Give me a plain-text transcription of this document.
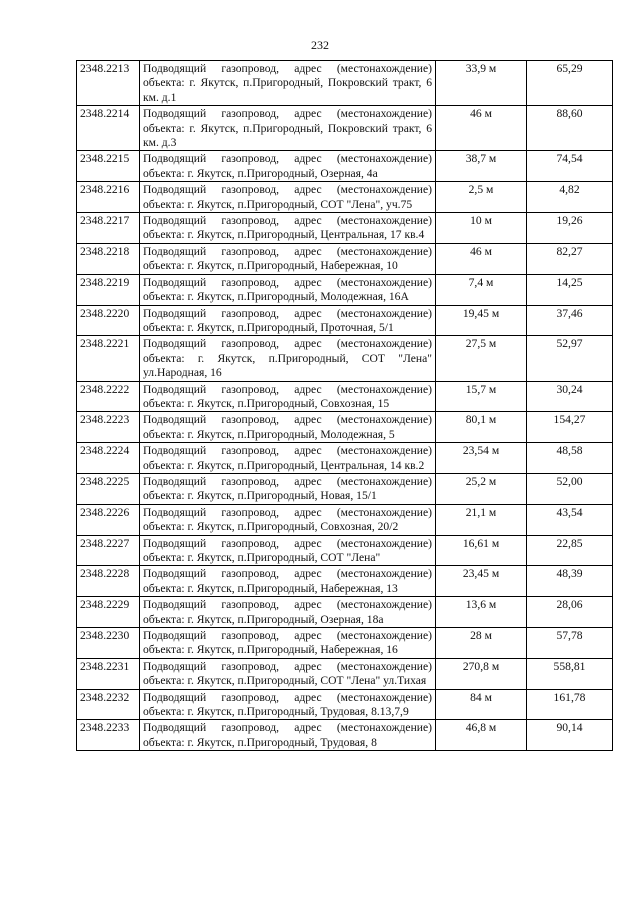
232
2348.2213	Подводящий газопровод, адрес (местонахождение) объекта: г. Якутск, п.Пригородный, Покровский тракт, 6 км. д.1	33,9 м	65,29
2348.2214	Подводящий газопровод, адрес (местонахождение) объекта: г. Якутск, п.Пригородный, Покровский тракт, 6 км. д.3	46 м	88,60
2348.2215	Подводящий газопровод, адрес (местонахождение) объекта: г. Якутск, п.Пригородный, Озерная, 4а	38,7 м	74,54
2348.2216	Подводящий газопровод, адрес (местонахождение) объекта: г. Якутск, п.Пригородный, СОТ "Лена", уч.75	2,5 м	4,82
2348.2217	Подводящий газопровод, адрес (местонахождение) объекта: г. Якутск, п.Пригородный, Центральная, 17 кв.4	10 м	19,26
2348.2218	Подводящий газопровод, адрес (местонахождение) объекта: г. Якутск, п.Пригородный, Набережная, 10	46 м	82,27
2348.2219	Подводящий газопровод, адрес (местонахождение) объекта: г. Якутск, п.Пригородный, Молодежная, 16А	7,4 м	14,25
2348.2220	Подводящий газопровод, адрес (местонахождение) объекта: г. Якутск, п.Пригородный, Проточная, 5/1	19,45 м	37,46
2348.2221	Подводящий газопровод, адрес (местонахождение) объекта: г. Якутск, п.Пригородный, СОТ "Лена" ул.Народная, 16	27,5 м	52,97
2348.2222	Подводящий газопровод, адрес (местонахождение) объекта: г. Якутск, п.Пригородный, Совхозная, 15	15,7 м	30,24
2348.2223	Подводящий газопровод, адрес (местонахождение) объекта: г. Якутск, п.Пригородный, Молодежная, 5	80,1 м	154,27
2348.2224	Подводящий газопровод, адрес (местонахождение) объекта: г. Якутск, п.Пригородный, Центральная, 14 кв.2	23,54 м	48,58
2348.2225	Подводящий газопровод, адрес (местонахождение) объекта: г. Якутск, п.Пригородный, Новая, 15/1	25,2 м	52,00
2348.2226	Подводящий газопровод, адрес (местонахождение) объекта: г. Якутск, п.Пригородный, Совхозная, 20/2	21,1 м	43,54
2348.2227	Подводящий газопровод, адрес (местонахождение) объекта: г. Якутск, п.Пригородный, СОТ "Лена"	16,61 м	22,85
2348.2228	Подводящий газопровод, адрес (местонахождение) объекта: г. Якутск, п.Пригородный, Набережная, 13	23,45 м	48,39
2348.2229	Подводящий газопровод, адрес (местонахождение) объекта: г. Якутск, п.Пригородный, Озерная, 18а	13,6 м	28,06
2348.2230	Подводящий газопровод, адрес (местонахождение) объекта: г. Якутск, п.Пригородный, Набережная, 16	28 м	57,78
2348.2231	Подводящий газопровод, адрес (местонахождение) объекта: г. Якутск, п.Пригородный, СОТ "Лена" ул.Тихая	270,8 м	558,81
2348.2232	Подводящий газопровод, адрес (местонахождение) объекта: г. Якутск, п.Пригородный, Трудовая, 8.13,7,9	84 м	161,78
2348.2233	Подводящий газопровод, адрес (местонахождение) объекта: г. Якутск, п.Пригородный, Трудовая, 8	46,8 м	90,14
